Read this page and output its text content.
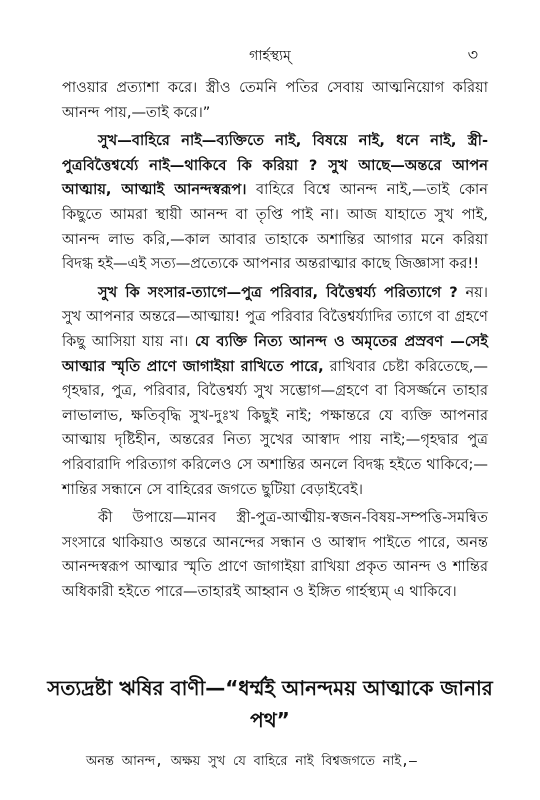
গার্হস্থ্যম্	৩

পাওয়ার প্রত্যাশা করে। স্ত্রীও তেমনি পতির সেবায় আত্মনিয়োগ করিয়া আনন্দ পায়,—তাই করে।”

সুখ—বাহিরে নাই—ব্যক্তিতে নাই, বিষয়ে নাই, ধনে নাই, স্ত্রী-পুত্রবিত্তৈশ্বর্য্যে নাই—থাকিবে কি করিয়া ? সুখ আছে—অন্তরে আপন আত্মায়, আত্মাই আনন্দস্বরূপ। বাহিরে বিশ্বে আনন্দ নাই,—তাই কোন কিছুতে আমরা স্থায়ী আনন্দ বা তৃপ্তি পাই না। আজ যাহাতে সুখ পাই, আনন্দ লাভ করি,—কাল আবার তাহাকে অশান্তির আগার মনে করিয়া বিদগ্ধ হই—এই সত্য—প্রত্যেকে আপনার অন্তরাত্মার কাছে জিজ্ঞাসা কর!!

সুখ কি সংসার-ত্যাগে—পুত্র পরিবার, বিত্তৈশ্বর্য্য পরিত্যাগে ? নয়। সুখ আপনার অন্তরে—আত্মায়! পুত্র পরিবার বিত্তৈশ্বর্য্যাদির ত্যাগে বা গ্রহণে কিছু আসিয়া যায় না। যে ব্যক্তি নিত্য আনন্দ ও অমৃতের প্রস্রবণ —সেই আত্মার স্মৃতি প্রাণে জাগাইয়া রাখিতে পারে, রাখিবার চেষ্টা করিতেছে,—গৃহদ্বার, পুত্র, পরিবার, বিত্তৈশ্বর্য্য সুখ সম্ভোগ—গ্রহণে বা বিসর্জ্জনে তাহার লাভালাভ, ক্ষতিবৃদ্ধি সুখ-দুঃখ কিছুই নাই; পক্ষান্তরে যে ব্যক্তি আপনার আত্মায় দৃষ্টিহীন, অন্তরের নিত্য সুখের আস্বাদ পায় নাই;—গৃহদ্বার পুত্র পরিবারাদি পরিত্যাগ করিলেও সে অশান্তির অনলে বিদগ্ধ হইতে থাকিবে;—শান্তির সন্ধানে সে বাহিরের জগতে ছুটিয়া বেড়াইবেই।

কী উপায়ে—মানব স্ত্রী-পুত্র-আত্মীয়-স্বজন-বিষয়-সম্পত্তি-সমন্বিত সংসারে থাকিয়াও অন্তরে আনন্দের সন্ধান ও আস্বাদ পাইতে পারে, অনন্ত আনন্দস্বরূপ আত্মার স্মৃতি প্রাণে জাগাইয়া রাখিয়া প্রকৃত আনন্দ ও শান্তির অধিকারী হইতে পারে—তাহারই আহ্বান ও ইঙ্গিত গার্হস্থ্যম্ এ থাকিবে।

সত্যদ্রষ্টা ঋষির বাণী—“ধর্ম্মই আনন্দময় আত্মাকে জানার পথ”
অনন্ত আনন্দ, অক্ষয় সুখ যে বাহিরে নাই বিশ্বজগতে নাই,—
